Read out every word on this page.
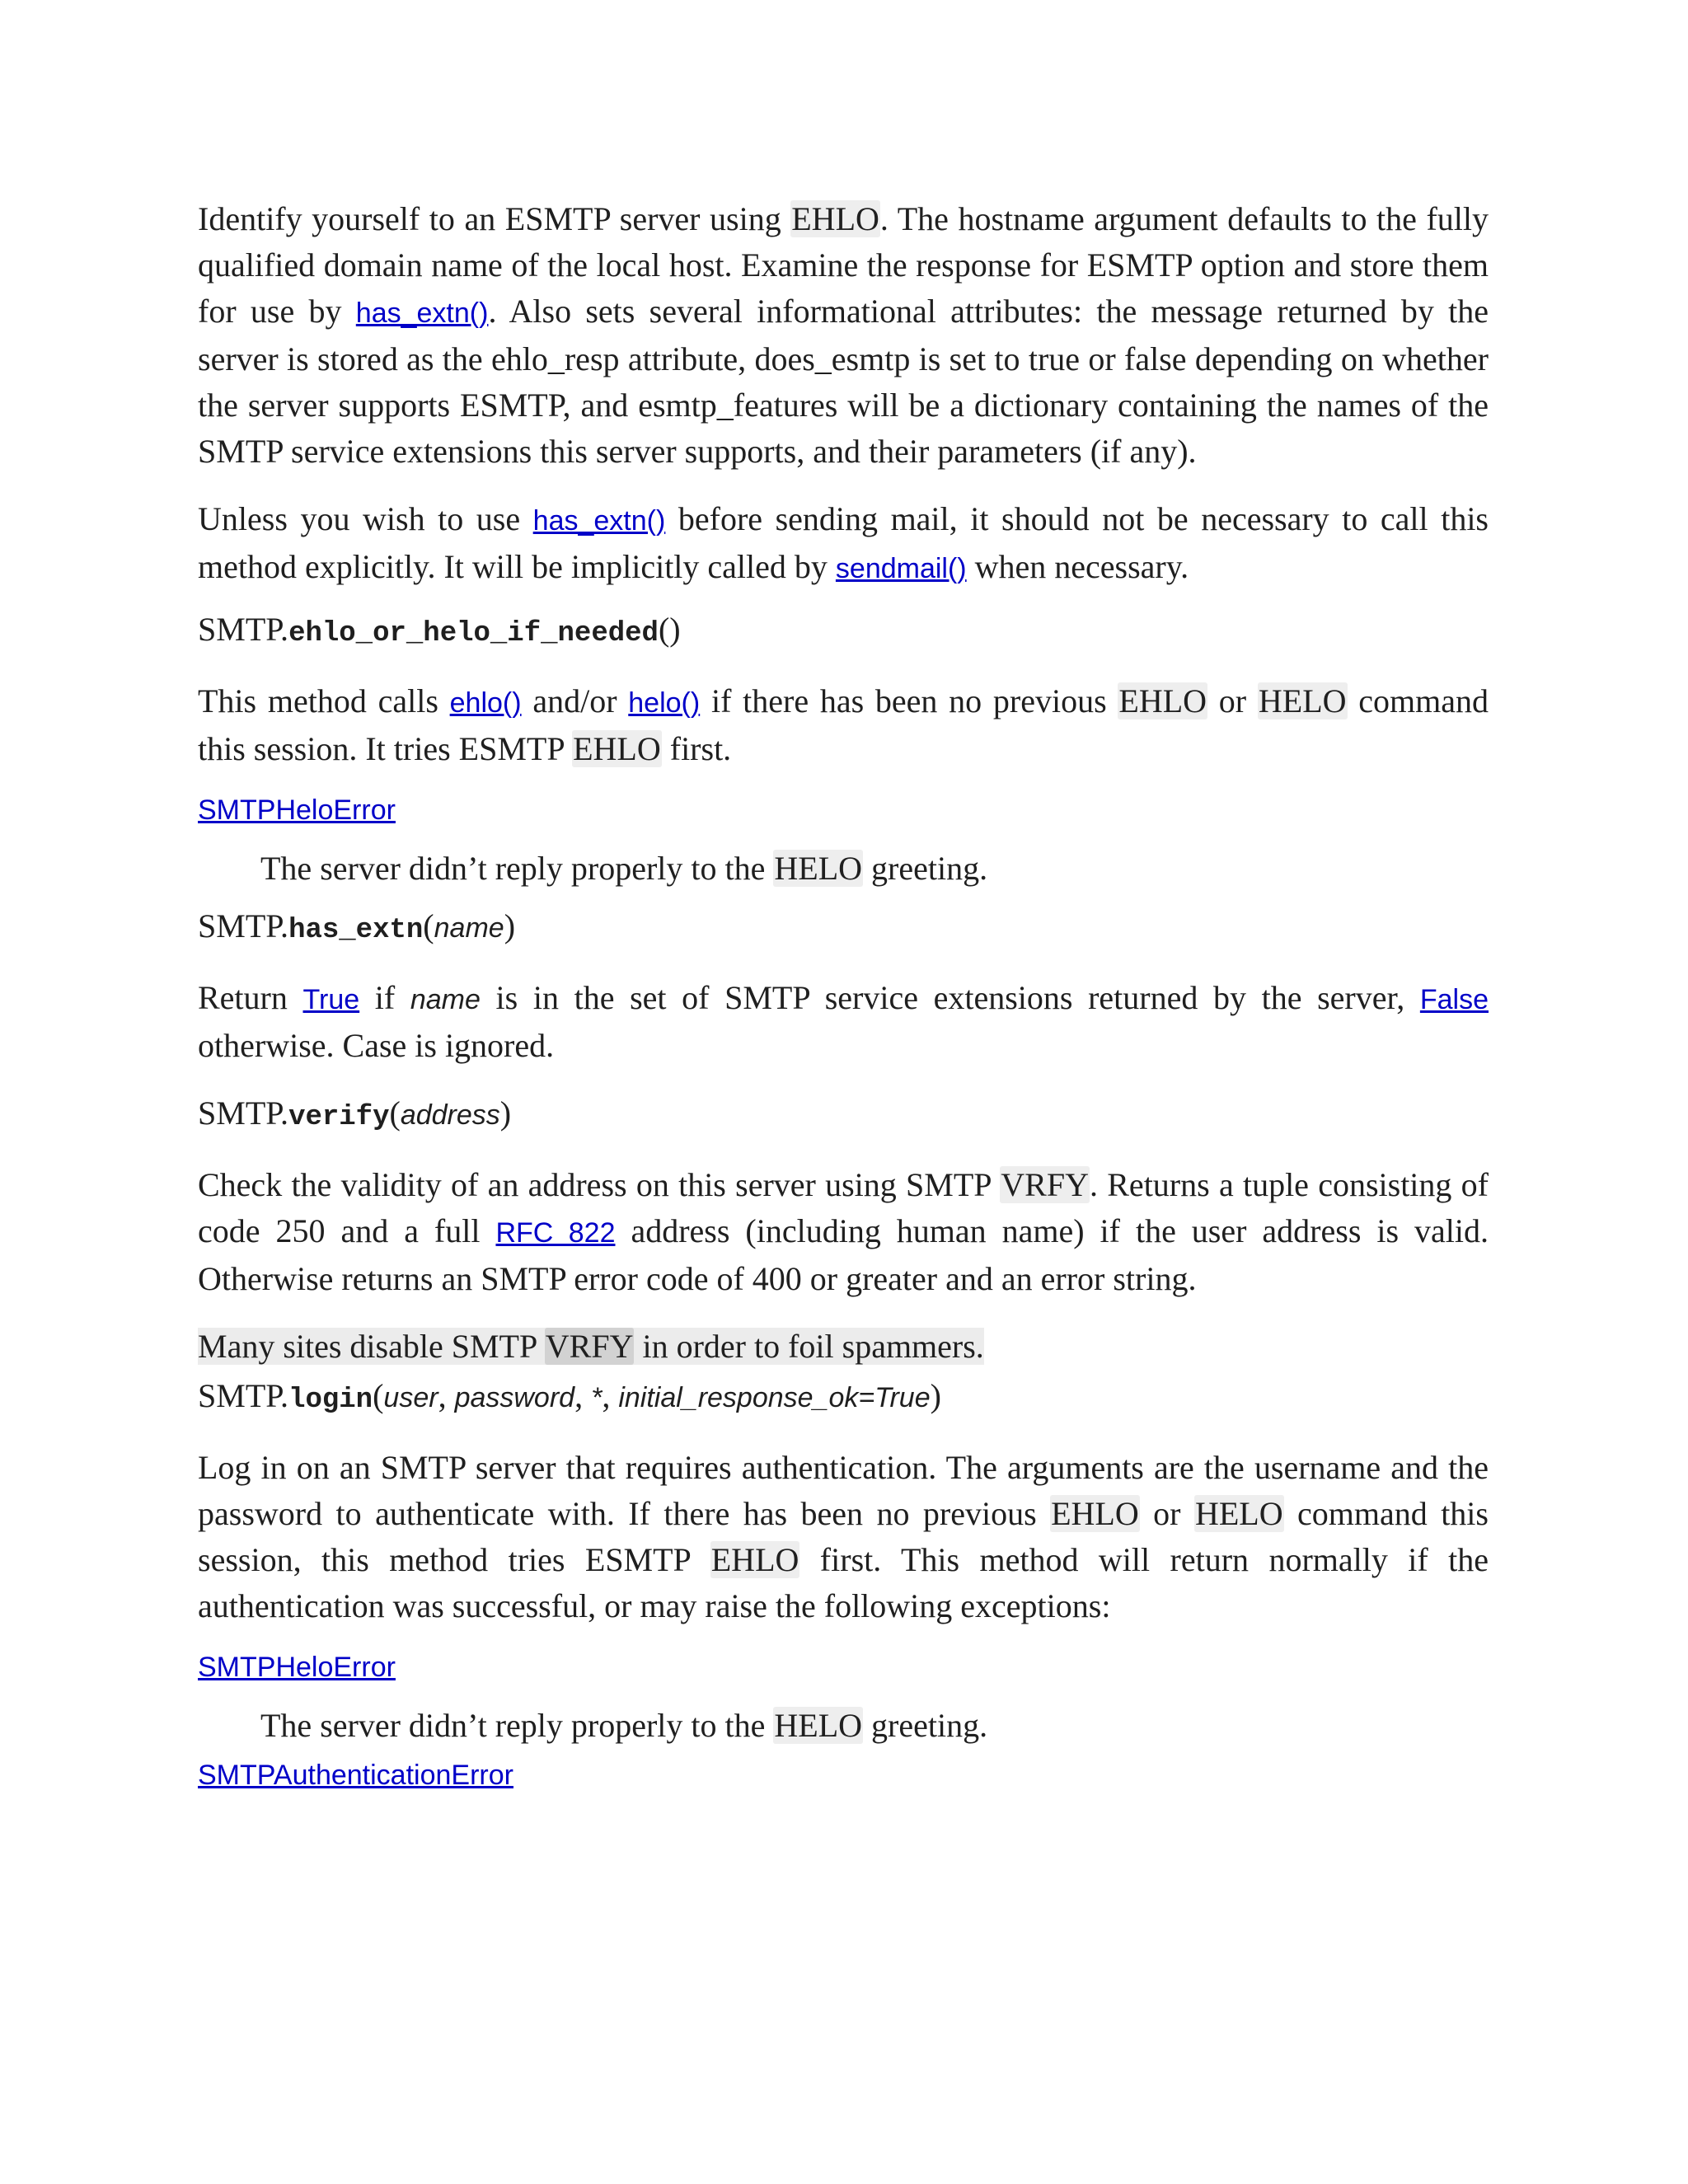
Identify yourself to an ESMTP server using EHLO. The hostname argument defaults to the fully qualified domain name of the local host. Examine the response for ESMTP option and store them for use by has_extn(). Also sets several informational attributes: the message returned by the server is stored as the ehlo_resp attribute, does_esmtp is set to true or false depending on whether the server supports ESMTP, and esmtp_features will be a dictionary containing the names of the SMTP service extensions this server supports, and their parameters (if any).

Unless you wish to use has_extn() before sending mail, it should not be necessary to call this method explicitly. It will be implicitly called by sendmail() when necessary.

SMTP.ehlo_or_helo_if_needed()

This method calls ehlo() and/or helo() if there has been no previous EHLO or HELO command this session. It tries ESMTP EHLO first.

SMTPHeloError

The server didn’t reply properly to the HELO greeting.

SMTP.has_extn(name)

Return True if name is in the set of SMTP service extensions returned by the server, False otherwise. Case is ignored.

SMTP.verify(address)

Check the validity of an address on this server using SMTP VRFY. Returns a tuple consisting of code 250 and a full RFC 822 address (including human name) if the user address is valid. Otherwise returns an SMTP error code of 400 or greater and an error string.

Many sites disable SMTP VRFY in order to foil spammers.

SMTP.login(user, password, *, initial_response_ok=True)

Log in on an SMTP server that requires authentication. The arguments are the username and the password to authenticate with. If there has been no previous EHLO or HELO command this session, this method tries ESMTP EHLO first. This method will return normally if the authentication was successful, or may raise the following exceptions:

SMTPHeloError

The server didn’t reply properly to the HELO greeting.

SMTPAuthenticationError
